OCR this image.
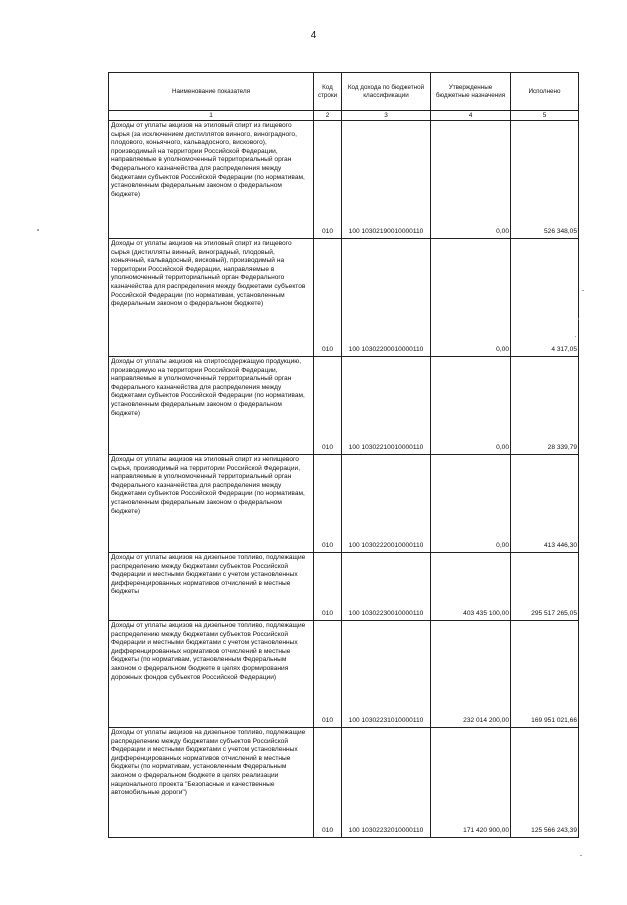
4
Наименование показателя	Код строки	Код дохода по бюджетной классификации	Утвержденные бюджетные назначения	Исполнено
1	2	3	4	5
Доходы от уплаты акцизов на этиловый спирт из пищевого сырья (за исключением дистиллятов винного, виноградного, плодового, коньячного, кальвадосного, вискового), производимый на территории Российской Федерации, направляемые в уполномоченный территориальный орган Федерального казначейства для распределения между бюджетами субъектов Российской Федерации (по нормативам, установленным федеральным законом о федеральном бюджете)	010	100 10302190010000110	0,00	526 348,05
Доходы от уплаты акцизов на этиловый спирт из пищевого сырья (дистилляты винный, виноградный, плодовый, коньячный, кальвадосный, висковый), производимый на территории Российской Федерации, направляемые в уполномоченный территориальный орган Федерального казначейства для распределения между бюджетами субъектов Российской Федерации (по нормативам, установленным федеральным законом о федеральном бюджете)	010	100 10302200010000110	0,00	4 317,05
Доходы от уплаты акцизов на спиртосодержащую продукцию, производимую на территории Российской Федерации, направляемые в уполномоченный территориальный орган Федерального казначейства для распределения между бюджетами субъектов Российской Федерации (по нормативам, установленным федеральным законом о федеральном бюджете)	010	100 10302210010000110	0,00	28 339,79
Доходы от уплаты акцизов на этиловый спирт из непищевого сырья, производимый на территории Российской Федерации, направляемые в уполномоченный территориальный орган Федерального казначейства для распределения между бюджетами субъектов Российской Федерации (по нормативам, установленным федеральным законом о федеральном бюджете)	010	100 10302220010000110	0,00	413 446,30
Доходы от уплаты акцизов на дизельное топливо, подлежащие распределению между бюджетами субъектов Российской Федерации и местными бюджетами с учетом установленных дифференцированных нормативов отчислений в местные бюджеты	010	100 10302230010000110	403 435 100,00	295 517 265,05
Доходы от уплаты акцизов на дизельное топливо, подлежащие распределению между бюджетами субъектов Российской Федерации и местными бюджетами с учетом установленных дифференцированных нормативов отчислений в местные бюджеты (по нормативам, установленным Федеральным законом о федеральном бюджете в целях формирования дорожных фондов субъектов Российской Федерации)	010	100 10302231010000110	232 014 200,00	169 951 021,66
Доходы от уплаты акцизов на дизельное топливо, подлежащие распределению между бюджетами субъектов Российской Федерации и местными бюджетами с учетом установленных дифференцированных нормативов отчислений в местные бюджеты (по нормативам, установленным Федеральным законом о федеральном бюджете в целях реализации национального проекта "Безопасные и качественные автомобильные дороги")	010	100 10302232010000110	171 420 900,00	125 566 243,39
